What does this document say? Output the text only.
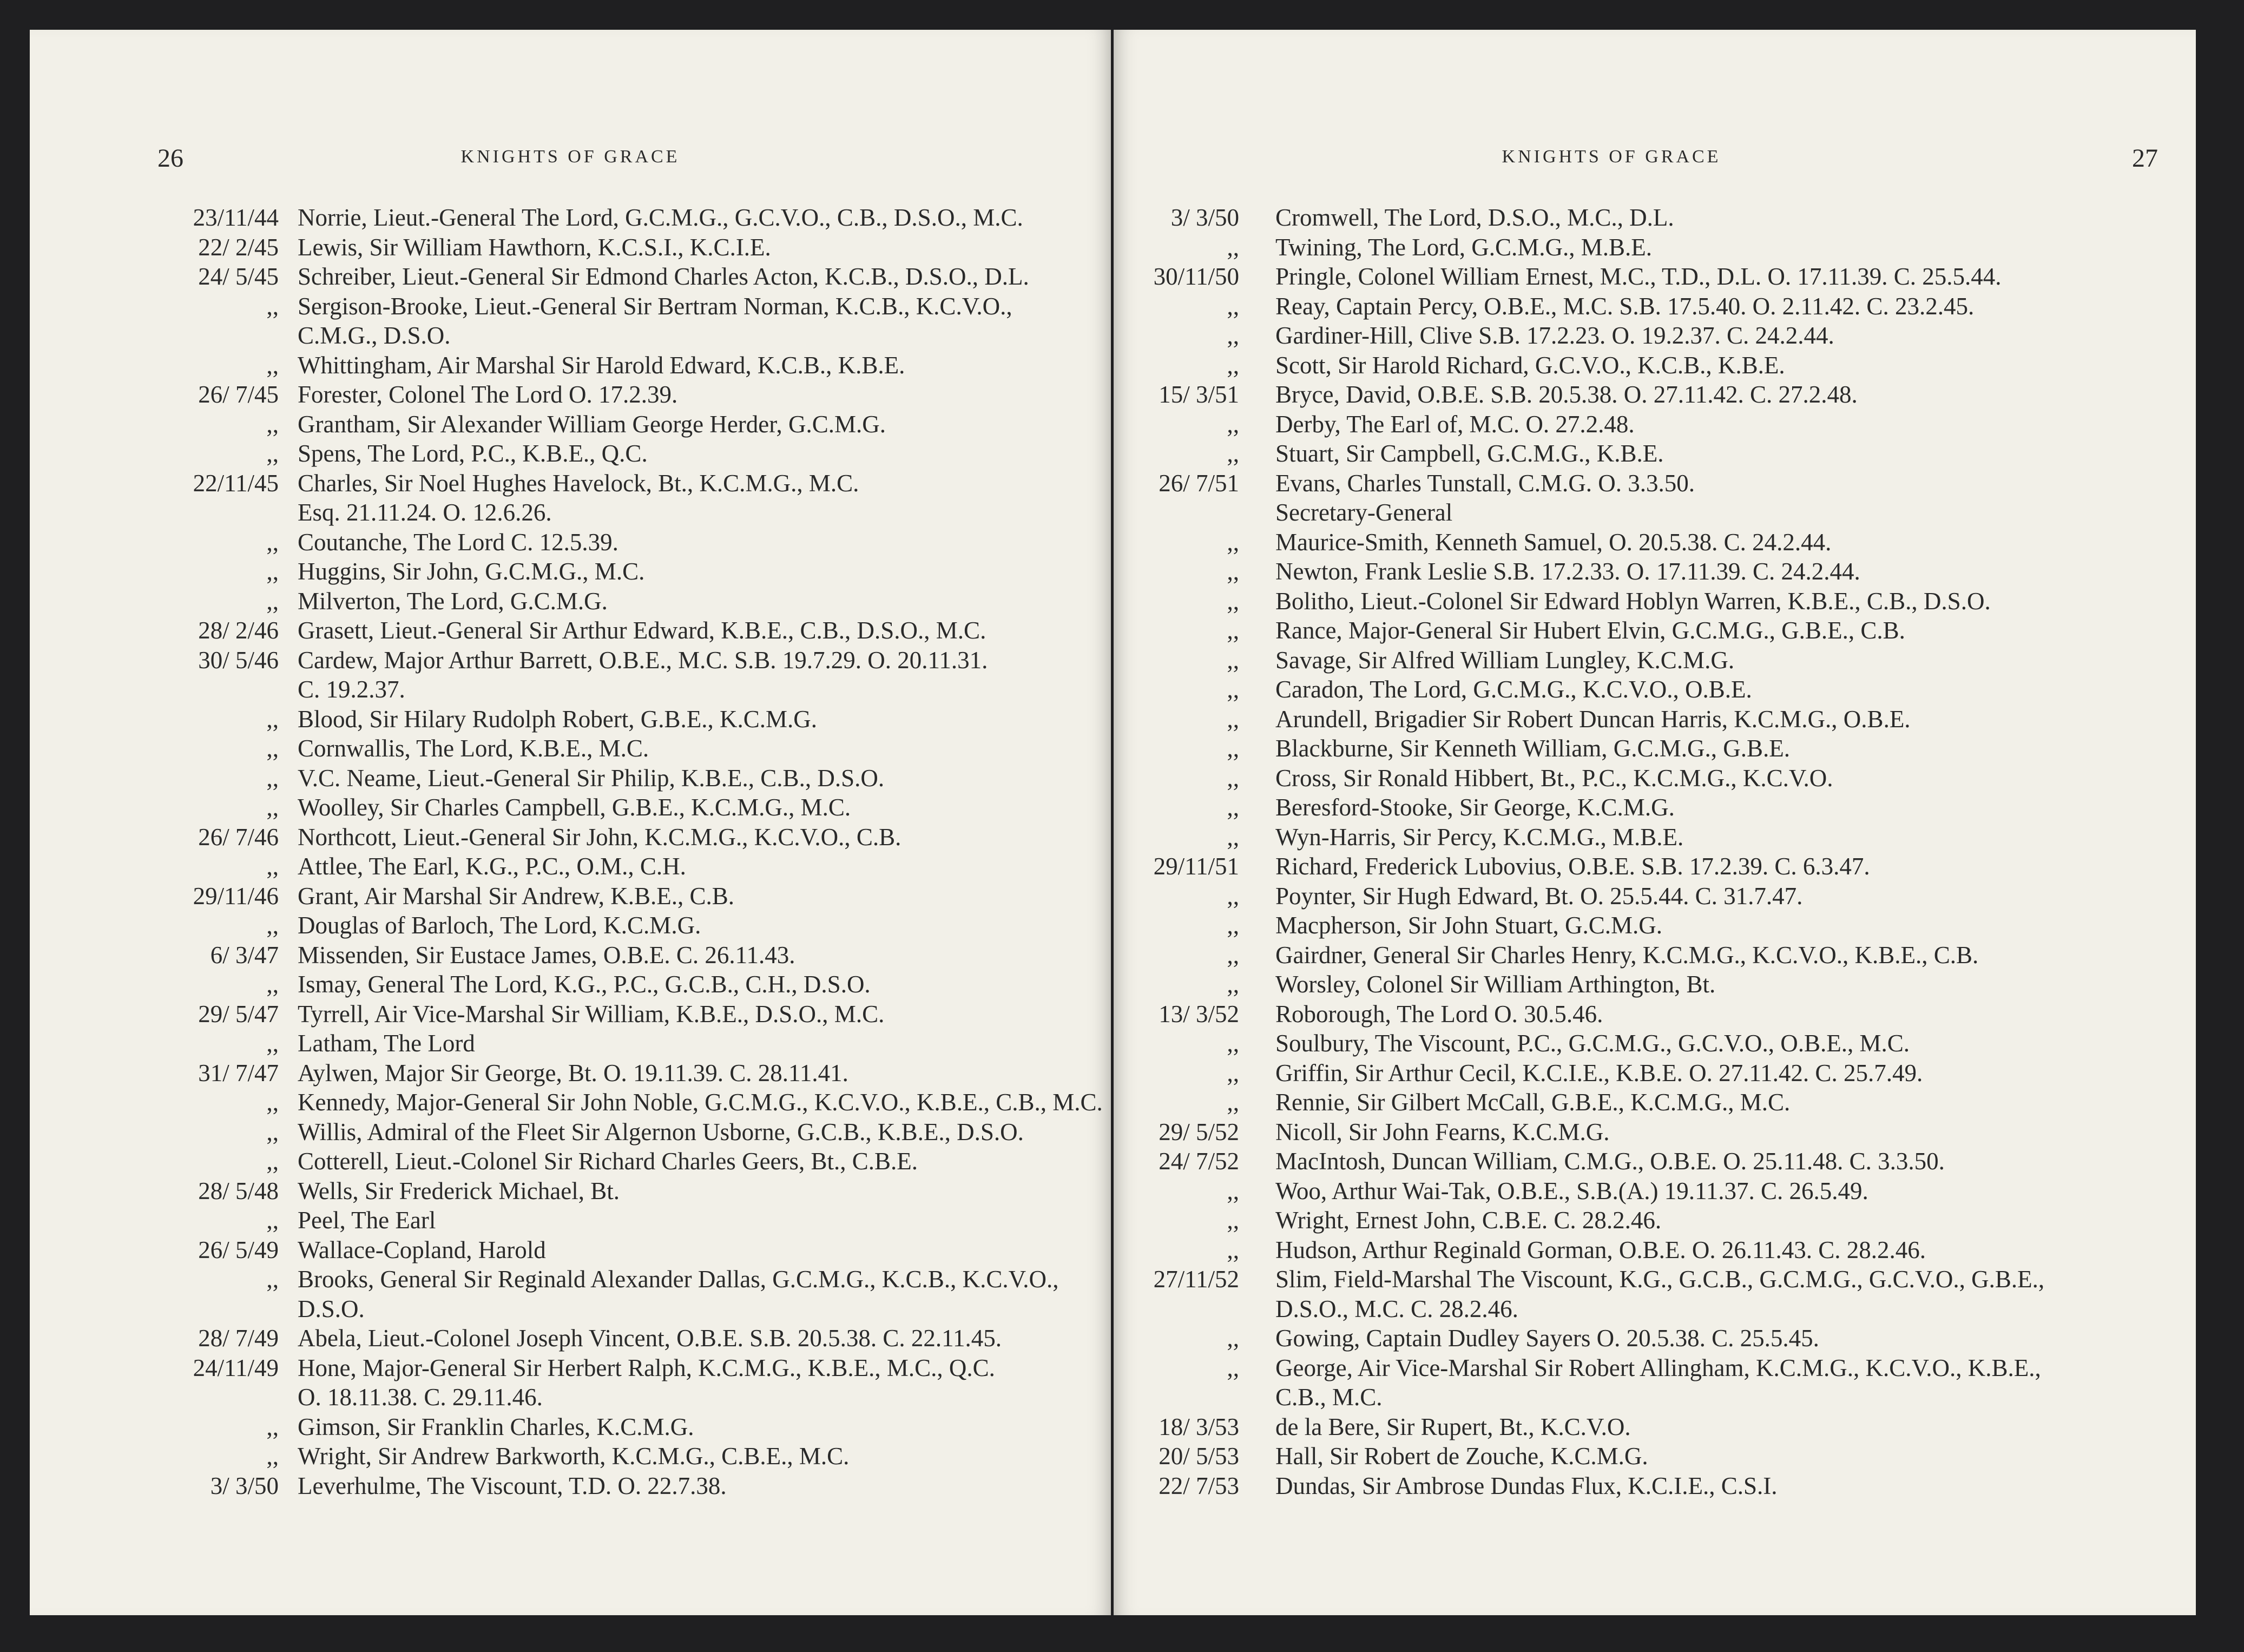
26	KNIGHTS OF GRACE
23/11/44 Norrie, Lieut.-General The Lord, G.C.M.G., G.C.V.O., C.B., D.S.O., M.C.
22/ 2/45 Lewis, Sir William Hawthorn, K.C.S.I., K.C.I.E.
24/ 5/45 Schreiber, Lieut.-General Sir Edmond Charles Acton, K.C.B., D.S.O., D.L.
,, Sergison-Brooke, Lieut.-General Sir Bertram Norman, K.C.B., K.C.V.O.,
C.M.G., D.S.O.
,, Whittingham, Air Marshal Sir Harold Edward, K.C.B., K.B.E.
26/ 7/45 Forester, Colonel The Lord O. 17.2.39.
,, Grantham, Sir Alexander William George Herder, G.C.M.G.
,, Spens, The Lord, P.C., K.B.E., Q.C.
22/11/45 Charles, Sir Noel Hughes Havelock, Bt., K.C.M.G., M.C.
Esq. 21.11.24. O. 12.6.26.
,, Coutanche, The Lord C. 12.5.39.
,, Huggins, Sir John, G.C.M.G., M.C.
,, Milverton, The Lord, G.C.M.G.
28/ 2/46 Grasett, Lieut.-General Sir Arthur Edward, K.B.E., C.B., D.S.O., M.C.
30/ 5/46 Cardew, Major Arthur Barrett, O.B.E., M.C. S.B. 19.7.29. O. 20.11.31.
C. 19.2.37.
,, Blood, Sir Hilary Rudolph Robert, G.B.E., K.C.M.G.
,, Cornwallis, The Lord, K.B.E., M.C.
,, V.C. Neame, Lieut.-General Sir Philip, K.B.E., C.B., D.S.O.
,, Woolley, Sir Charles Campbell, G.B.E., K.C.M.G., M.C.
26/ 7/46 Northcott, Lieut.-General Sir John, K.C.M.G., K.C.V.O., C.B.
,, Attlee, The Earl, K.G., P.C., O.M., C.H.
29/11/46 Grant, Air Marshal Sir Andrew, K.B.E., C.B.
,, Douglas of Barloch, The Lord, K.C.M.G.
6/ 3/47 Missenden, Sir Eustace James, O.B.E. C. 26.11.43.
,, Ismay, General The Lord, K.G., P.C., G.C.B., C.H., D.S.O.
29/ 5/47 Tyrrell, Air Vice-Marshal Sir William, K.B.E., D.S.O., M.C.
,, Latham, The Lord
31/ 7/47 Aylwen, Major Sir George, Bt. O. 19.11.39. C. 28.11.41.
,, Kennedy, Major-General Sir John Noble, G.C.M.G., K.C.V.O., K.B.E., C.B., M.C.
,, Willis, Admiral of the Fleet Sir Algernon Usborne, G.C.B., K.B.E., D.S.O.
,, Cotterell, Lieut.-Colonel Sir Richard Charles Geers, Bt., C.B.E.
28/ 5/48 Wells, Sir Frederick Michael, Bt.
,, Peel, The Earl
26/ 5/49 Wallace-Copland, Harold
,, Brooks, General Sir Reginald Alexander Dallas, G.C.M.G., K.C.B., K.C.V.O.,
D.S.O.
28/ 7/49 Abela, Lieut.-Colonel Joseph Vincent, O.B.E. S.B. 20.5.38. C. 22.11.45.
24/11/49 Hone, Major-General Sir Herbert Ralph, K.C.M.G., K.B.E., M.C., Q.C.
O. 18.11.38. C. 29.11.46.
,, Gimson, Sir Franklin Charles, K.C.M.G.
,, Wright, Sir Andrew Barkworth, K.C.M.G., C.B.E., M.C.
3/ 3/50 Leverhulme, The Viscount, T.D. O. 22.7.38.
KNIGHTS OF GRACE	27
3/ 3/50 Cromwell, The Lord, D.S.O., M.C., D.L.
,, Twining, The Lord, G.C.M.G., M.B.E.
30/11/50 Pringle, Colonel William Ernest, M.C., T.D., D.L. O. 17.11.39. C. 25.5.44.
,, Reay, Captain Percy, O.B.E., M.C. S.B. 17.5.40. O. 2.11.42. C. 23.2.45.
,, Gardiner-Hill, Clive S.B. 17.2.23. O. 19.2.37. C. 24.2.44.
,, Scott, Sir Harold Richard, G.C.V.O., K.C.B., K.B.E.
15/ 3/51 Bryce, David, O.B.E. S.B. 20.5.38. O. 27.11.42. C. 27.2.48.
,, Derby, The Earl of, M.C. O. 27.2.48.
,, Stuart, Sir Campbell, G.C.M.G., K.B.E.
26/ 7/51 Evans, Charles Tunstall, C.M.G. O. 3.3.50.
Secretary-General
,, Maurice-Smith, Kenneth Samuel, O. 20.5.38. C. 24.2.44.
,, Newton, Frank Leslie S.B. 17.2.33. O. 17.11.39. C. 24.2.44.
,, Bolitho, Lieut.-Colonel Sir Edward Hoblyn Warren, K.B.E., C.B., D.S.O.
,, Rance, Major-General Sir Hubert Elvin, G.C.M.G., G.B.E., C.B.
,, Savage, Sir Alfred William Lungley, K.C.M.G.
,, Caradon, The Lord, G.C.M.G., K.C.V.O., O.B.E.
,, Arundell, Brigadier Sir Robert Duncan Harris, K.C.M.G., O.B.E.
,, Blackburne, Sir Kenneth William, G.C.M.G., G.B.E.
,, Cross, Sir Ronald Hibbert, Bt., P.C., K.C.M.G., K.C.V.O.
,, Beresford-Stooke, Sir George, K.C.M.G.
,, Wyn-Harris, Sir Percy, K.C.M.G., M.B.E.
29/11/51 Richard, Frederick Lubovius, O.B.E. S.B. 17.2.39. C. 6.3.47.
,, Poynter, Sir Hugh Edward, Bt. O. 25.5.44. C. 31.7.47.
,, Macpherson, Sir John Stuart, G.C.M.G.
,, Gairdner, General Sir Charles Henry, K.C.M.G., K.C.V.O., K.B.E., C.B.
,, Worsley, Colonel Sir William Arthington, Bt.
13/ 3/52 Roborough, The Lord O. 30.5.46.
,, Soulbury, The Viscount, P.C., G.C.M.G., G.C.V.O., O.B.E., M.C.
,, Griffin, Sir Arthur Cecil, K.C.I.E., K.B.E. O. 27.11.42. C. 25.7.49.
,, Rennie, Sir Gilbert McCall, G.B.E., K.C.M.G., M.C.
29/ 5/52 Nicoll, Sir John Fearns, K.C.M.G.
24/ 7/52 MacIntosh, Duncan William, C.M.G., O.B.E. O. 25.11.48. C. 3.3.50.
,, Woo, Arthur Wai-Tak, O.B.E., S.B.(A.) 19.11.37. C. 26.5.49.
,, Wright, Ernest John, C.B.E. C. 28.2.46.
,, Hudson, Arthur Reginald Gorman, O.B.E. O. 26.11.43. C. 28.2.46.
27/11/52 Slim, Field-Marshal The Viscount, K.G., G.C.B., G.C.M.G., G.C.V.O., G.B.E.,
D.S.O., M.C. C. 28.2.46.
,, Gowing, Captain Dudley Sayers O. 20.5.38. C. 25.5.45.
,, George, Air Vice-Marshal Sir Robert Allingham, K.C.M.G., K.C.V.O., K.B.E.,
C.B., M.C.
18/ 3/53 de la Bere, Sir Rupert, Bt., K.C.V.O.
20/ 5/53 Hall, Sir Robert de Zouche, K.C.M.G.
22/ 7/53 Dundas, Sir Ambrose Dundas Flux, K.C.I.E., C.S.I.
